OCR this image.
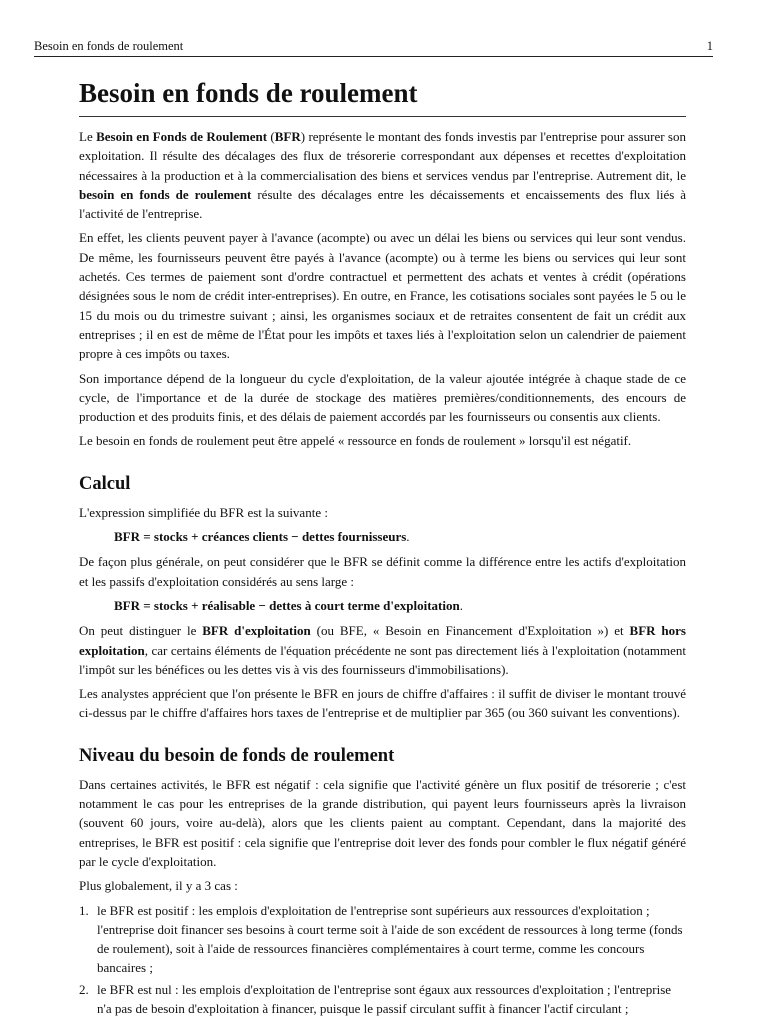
Besoin en fonds de roulement	1
Besoin en fonds de roulement

Le Besoin en Fonds de Roulement (BFR) représente le montant des fonds investis par l'entreprise pour assurer son exploitation. Il résulte des décalages des flux de trésorerie correspondant aux dépenses et recettes d'exploitation nécessaires à la production et à la commercialisation des biens et services vendus par l'entreprise. Autrement dit, le besoin en fonds de roulement résulte des décalages entre les décaissements et encaissements des flux liés à l'activité de l'entreprise.

En effet, les clients peuvent payer à l'avance (acompte) ou avec un délai les biens ou services qui leur sont vendus. De même, les fournisseurs peuvent être payés à l'avance (acompte) ou à terme les biens ou services qui leur sont achetés. Ces termes de paiement sont d'ordre contractuel et permettent des achats et ventes à crédit (opérations désignées sous le nom de crédit inter-entreprises). En outre, en France, les cotisations sociales sont payées le 5 ou le 15 du mois ou du trimestre suivant ; ainsi, les organismes sociaux et de retraites consentent de fait un crédit aux entreprises ; il en est de même de l'État pour les impôts et taxes liés à l'exploitation selon un calendrier de paiement propre à ces impôts ou taxes.

Son importance dépend de la longueur du cycle d'exploitation, de la valeur ajoutée intégrée à chaque stade de ce cycle, de l'importance et de la durée de stockage des matières premières/conditionnements, des encours de production et des produits finis, et des délais de paiement accordés par les fournisseurs ou consentis aux clients.

Le besoin en fonds de roulement peut être appelé « ressource en fonds de roulement » lorsqu'il est négatif.

Calcul

L'expression simplifiée du BFR est la suivante :

BFR = stocks + créances clients − dettes fournisseurs.

De façon plus générale, on peut considérer que le BFR se définit comme la différence entre les actifs d'exploitation et les passifs d'exploitation considérés au sens large :

BFR = stocks + réalisable − dettes à court terme d'exploitation.

On peut distinguer le BFR d'exploitation (ou BFE, « Besoin en Financement d'Exploitation ») et BFR hors exploitation, car certains éléments de l'équation précédente ne sont pas directement liés à l'exploitation (notamment l'impôt sur les bénéfices ou les dettes vis à vis des fournisseurs d'immobilisations).

Les analystes apprécient que l'on présente le BFR en jours de chiffre d'affaires : il suffit de diviser le montant trouvé ci-dessus par le chiffre d'affaires hors taxes de l'entreprise et de multiplier par 365 (ou 360 suivant les conventions).

Niveau du besoin de fonds de roulement

Dans certaines activités, le BFR est négatif : cela signifie que l'activité génère un flux positif de trésorerie ; c'est notamment le cas pour les entreprises de la grande distribution, qui payent leurs fournisseurs après la livraison (souvent 60 jours, voire au-delà), alors que les clients paient au comptant. Cependant, dans la majorité des entreprises, le BFR est positif : cela signifie que l'entreprise doit lever des fonds pour combler le flux négatif généré par le cycle d'exploitation.

Plus globalement, il y a 3 cas :

1. le BFR est positif : les emplois d'exploitation de l'entreprise sont supérieurs aux ressources d'exploitation ; l'entreprise doit financer ses besoins à court terme soit à l'aide de son excédent de ressources à long terme (fonds de roulement), soit à l'aide de ressources financières complémentaires à court terme, comme les concours bancaires ;
2. le BFR est nul : les emplois d'exploitation de l'entreprise sont égaux aux ressources d'exploitation ; l'entreprise n'a pas de besoin d'exploitation à financer, puisque le passif circulant suffit à financer l'actif circulant ;
